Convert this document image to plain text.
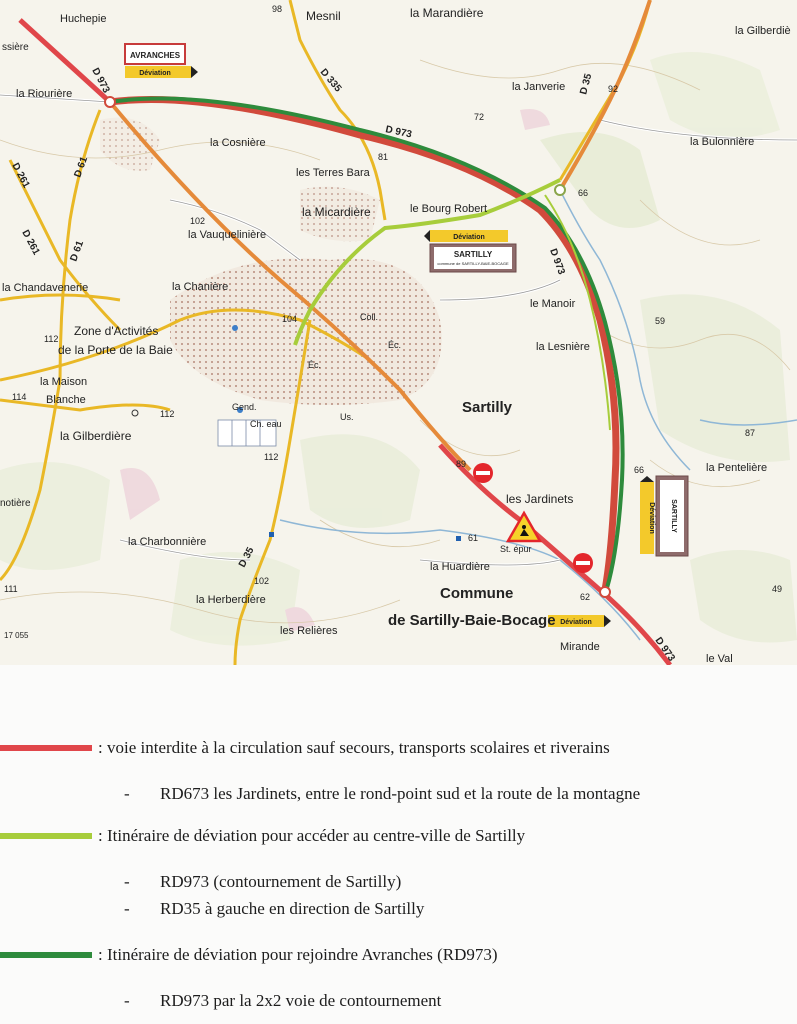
AVRANCHES
Déviation
Déviation
SARTILLY
commune de SARTILLY-BAIE-BOCAGE
Déviation SARTILLY
Déviation
Huchepie	Mesnil	la Marandière
la Gilberdiè
ssière
la Riourière
la Janverie
la Cosnière	la Bulonnière
les Terres Bara
la Micardière	le Bourg Robert
la Vauquelinière
la Chandavenerie	la Chanière
le Manoir
Zone d'Activités
de la Porte de la Baie
Coll.
Éc.
Éc.
la Lesnière
la Maison
Blanche
Gend.
Ch. eau
Us.
Sartilly
la Gilberdière
la Pentelière
les Jardinets
notière
la Charbonnière
St. épur
la Huardière
Commune
de Sartilly-Baie-Bocage
la Herberdière
les Relières
Mirande
le Val
17 055
D 973
D 973
D 973
D 973
D 335	D 35
D 35
D 61
D 61
D 261
D 261
98
92
72
81
66
102
104
112
114
112
112
59
87
89
66
61
62
102
49
111
: voie interdite à la circulation sauf secours, transports scolaires et riverains
- RD673 les Jardinets, entre le rond-point sud et la route de la montagne
: Itinéraire de déviation pour accéder au centre-ville de Sartilly
- RD973 (contournement de Sartilly)
- RD35 à gauche en direction de Sartilly
: Itinéraire de déviation pour rejoindre Avranches (RD973)
- RD973 par la 2x2 voie de contournement
